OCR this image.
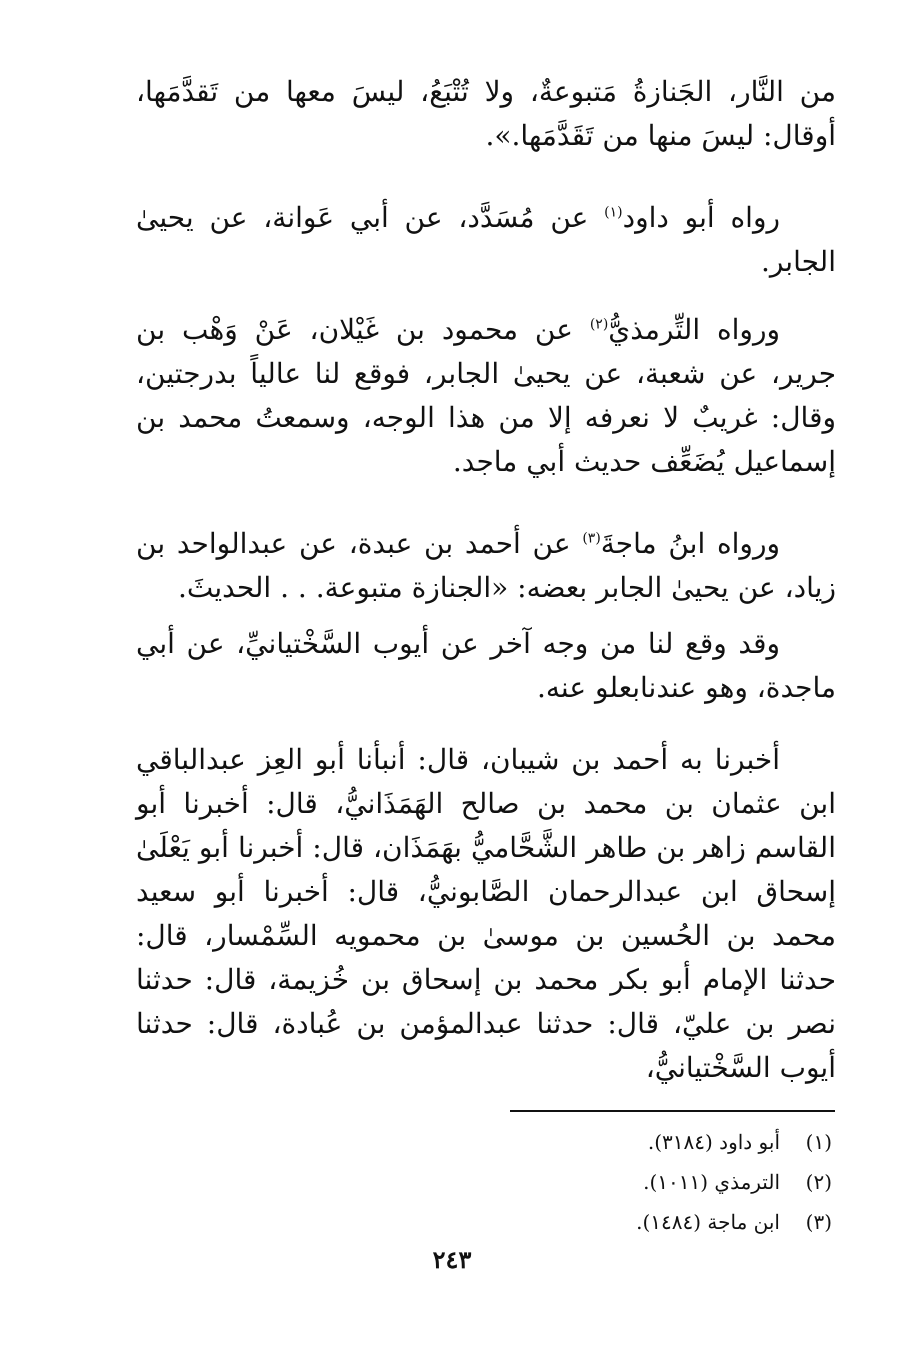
من النَّار، الجَنازةُ مَتبوعةٌ، ولا تُتْبَعُ، ليسَ معها من تَقدَّمَها، أوقال: ليسَ منها من تَقَدَّمَها.».

رواه أبو داود$^{(١)}$ عن مُسَدَّد، عن أبي عَوانة، عن يحيىٰ الجابر.

ورواه التِّرمذيُّ$^{(٢)}$ عن محمود بن غَيْلان، عَنْ وَهْب بن جرير، عن شعبة، عن يحيىٰ الجابر، فوقع لنا عالياً بدرجتين، وقال: غريبٌ لا نعرفه إلا من هذا الوجه، وسمعتُ محمد بن إسماعيل يُضَعِّف حديث أبي ماجد.

ورواه ابنُ ماجةَ$^{(٣)}$ عن أحمد بن عبدة، عن عبدالواحد بن زياد، عن يحيىٰ الجابر بعضه: «الجنازة متبوعة. . . الحديثَ.

وقد وقع لنا من وجه آخر عن أيوب السَّخْتيانيِّ، عن أبي ماجدة، وهو عندنابعلو عنه.

أخبرنا به أحمد بن شيبان، قال: أنبأنا أبو العِز عبدالباقي ابن عثمان بن محمد بن صالح الهَمَذَانيُّ، قال: أخبرنا أبو القاسم زاهر بن طاهر الشَّحَّاميُّ بهَمَذَان، قال: أخبرنا أبو يَعْلَىٰ إسحاق ابن عبدالرحمان الصَّابونيُّ، قال: أخبرنا أبو سعيد محمد بن الحُسين بن موسىٰ بن محمويه السِّمْسار، قال: حدثنا الإمام أبو بكر محمد بن إسحاق بن خُزيمة، قال: حدثنا نصر بن عليّ، قال: حدثنا عبدالمؤمن بن عُبادة، قال: حدثنا أيوب السَّخْتيانيُّ،

(١)أبو داود (٣١٨٤).
(٢)الترمذي (١٠١١).
(٣)ابن ماجة (١٤٨٤).
٢٤٣
